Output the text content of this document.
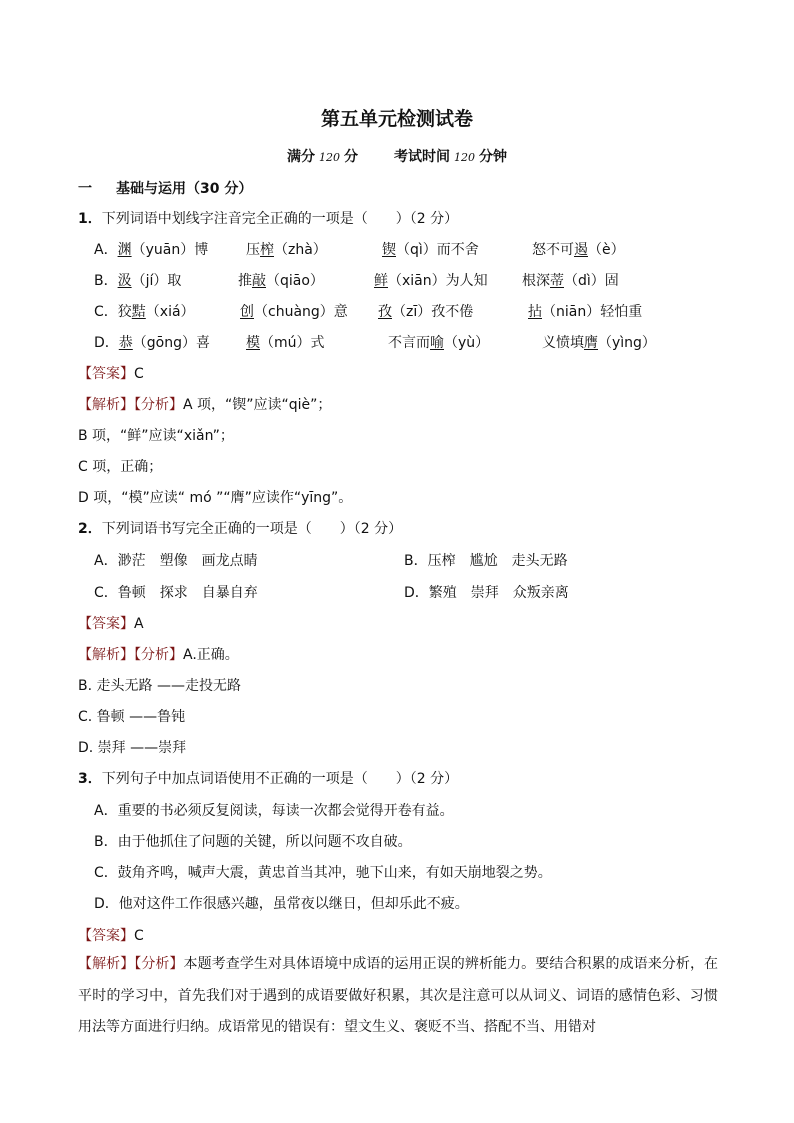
第五单元检测试卷
满分 120 分	考试时间 120 分钟
一 基础与运用（30 分）
1．下列词语中划线字注音完全正确的一项是（　　）（2 分）
A．渊（yuān）博	压榨（zhà）	锲（qì）而不舍	怒不可遏（è）
B．汲（jí）取	推敲（qiāo）	鲜（xiān）为人知 根深蒂（dì）固
C．狡黠（xiá）	创（chuàng）意 孜（zī）孜不倦	拈（niān）轻怕重
D．恭（gōng）喜	模（mú）式	不言而喻（yù）	义愤填膺（yìng）
【答案】C
【解析】【分析】A 项，“锲”应读“qiè”；
B 项，“鲜”应读“xiǎn”；
C 项，正确；
D 项，“模”应读“ mó ”“膺”应读作“yīng”。
2．下列词语书写完全正确的一项是（　　）（2 分）
A．渺茫　塑像　画龙点睛	B．压榨　尴尬　走头无路
C．鲁顿　探求　自暴自弃	D．繁殖　崇拜　众叛亲离
【答案】A
【解析】【分析】A.正确。
B. 走头无路 ——走投无路
C. 鲁顿 ——鲁钝
D. 崇拜 ——崇拜
3．下列句子中加点词语使用不正确的一项是（　　）（2 分）
A．重要的书必须反复阅读，每读一次都会觉得开卷有益。
B．由于他抓住了问题的关键，所以问题不攻自破。
C．鼓角齐鸣，喊声大震，黄忠首当其冲，驰下山来，有如天崩地裂之势。
D．他对这件工作很感兴趣，虽常夜以继日，但却乐此不疲。
【答案】C
【解析】【分析】本题考查学生对具体语境中成语的运用正误的辨析能力。要结合积累的成语来分析，在平时的学习中，首先我们对于遇到的成语要做好积累，其次是注意可以从词义、词语的感情色彩、习惯用法等方面进行归纳。成语常见的错误有：望文生义、褒贬不当、搭配不当、用错对
